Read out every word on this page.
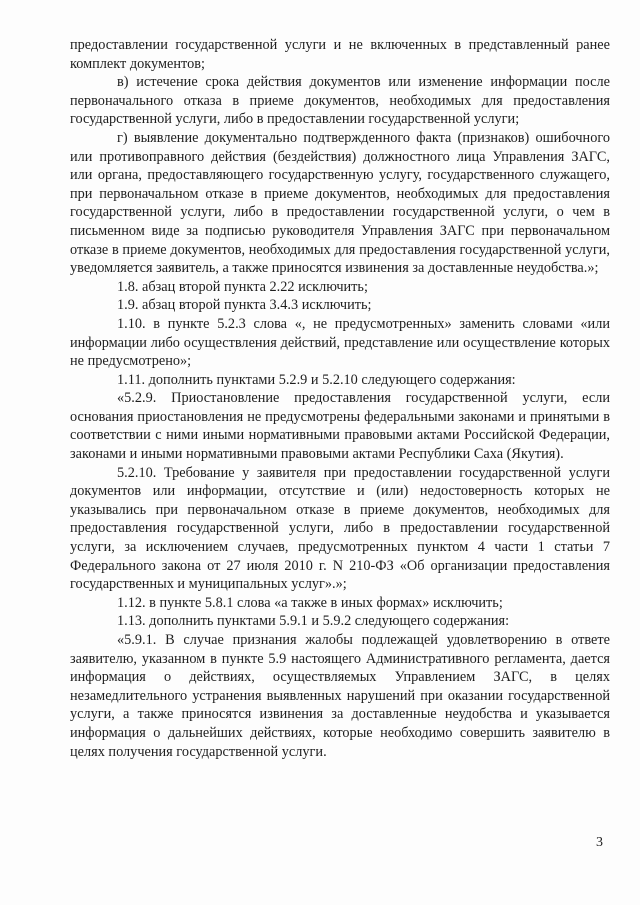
предоставлении государственной услуги и не включенных в представленный ранее комплект документов;

в) истечение срока действия документов или изменение информации после первоначального отказа в приеме документов, необходимых для предоставления государственной услуги, либо в предоставлении государственной услуги;

г) выявление документально подтвержденного факта (признаков) ошибочного или противоправного действия (бездействия) должностного лица Управления ЗАГС, или органа, предоставляющего государственную услугу, государственного служащего, при первоначальном отказе в приеме документов, необходимых для предоставления государственной услуги, либо в предоставлении государственной услуги, о чем в письменном виде за подписью руководителя Управления ЗАГС при первоначальном отказе в приеме документов, необходимых для предоставления государственной услуги, уведомляется заявитель, а также приносятся извинения за доставленные неудобства.»;

1.8. абзац второй пункта 2.22 исключить;

1.9. абзац второй пункта 3.4.3 исключить;

1.10. в пункте 5.2.3 слова «, не предусмотренных» заменить словами «или информации либо осуществления действий, представление или осуществление которых не предусмотрено»;

1.11. дополнить пунктами 5.2.9 и 5.2.10 следующего содержания:

«5.2.9. Приостановление предоставления государственной услуги, если основания приостановления не предусмотрены федеральными законами и принятыми в соответствии с ними иными нормативными правовыми актами Российской Федерации, законами и иными нормативными правовыми актами Республики Саха (Якутия).

5.2.10. Требование у заявителя при предоставлении государственной услуги документов или информации, отсутствие и (или) недостоверность которых не указывались при первоначальном отказе в приеме документов, необходимых для предоставления государственной услуги, либо в предоставлении государственной услуги, за исключением случаев, предусмотренных пунктом 4 части 1 статьи 7 Федерального закона от 27 июля 2010 г. N 210-ФЗ «Об организации предоставления государственных и муниципальных услуг».»;

1.12. в пункте 5.8.1 слова «а также в иных формах» исключить;

1.13. дополнить пунктами 5.9.1 и 5.9.2 следующего содержания:

«5.9.1. В случае признания жалобы подлежащей удовлетворению в ответе заявителю, указанном в пункте 5.9 настоящего Административного регламента, дается информация о действиях, осуществляемых Управлением ЗАГС, в целях незамедлительного устранения выявленных нарушений при оказании государственной услуги, а также приносятся извинения за доставленные неудобства и указывается информация о дальнейших действиях, которые необходимо совершить заявителю в целях получения государственной услуги.

3
